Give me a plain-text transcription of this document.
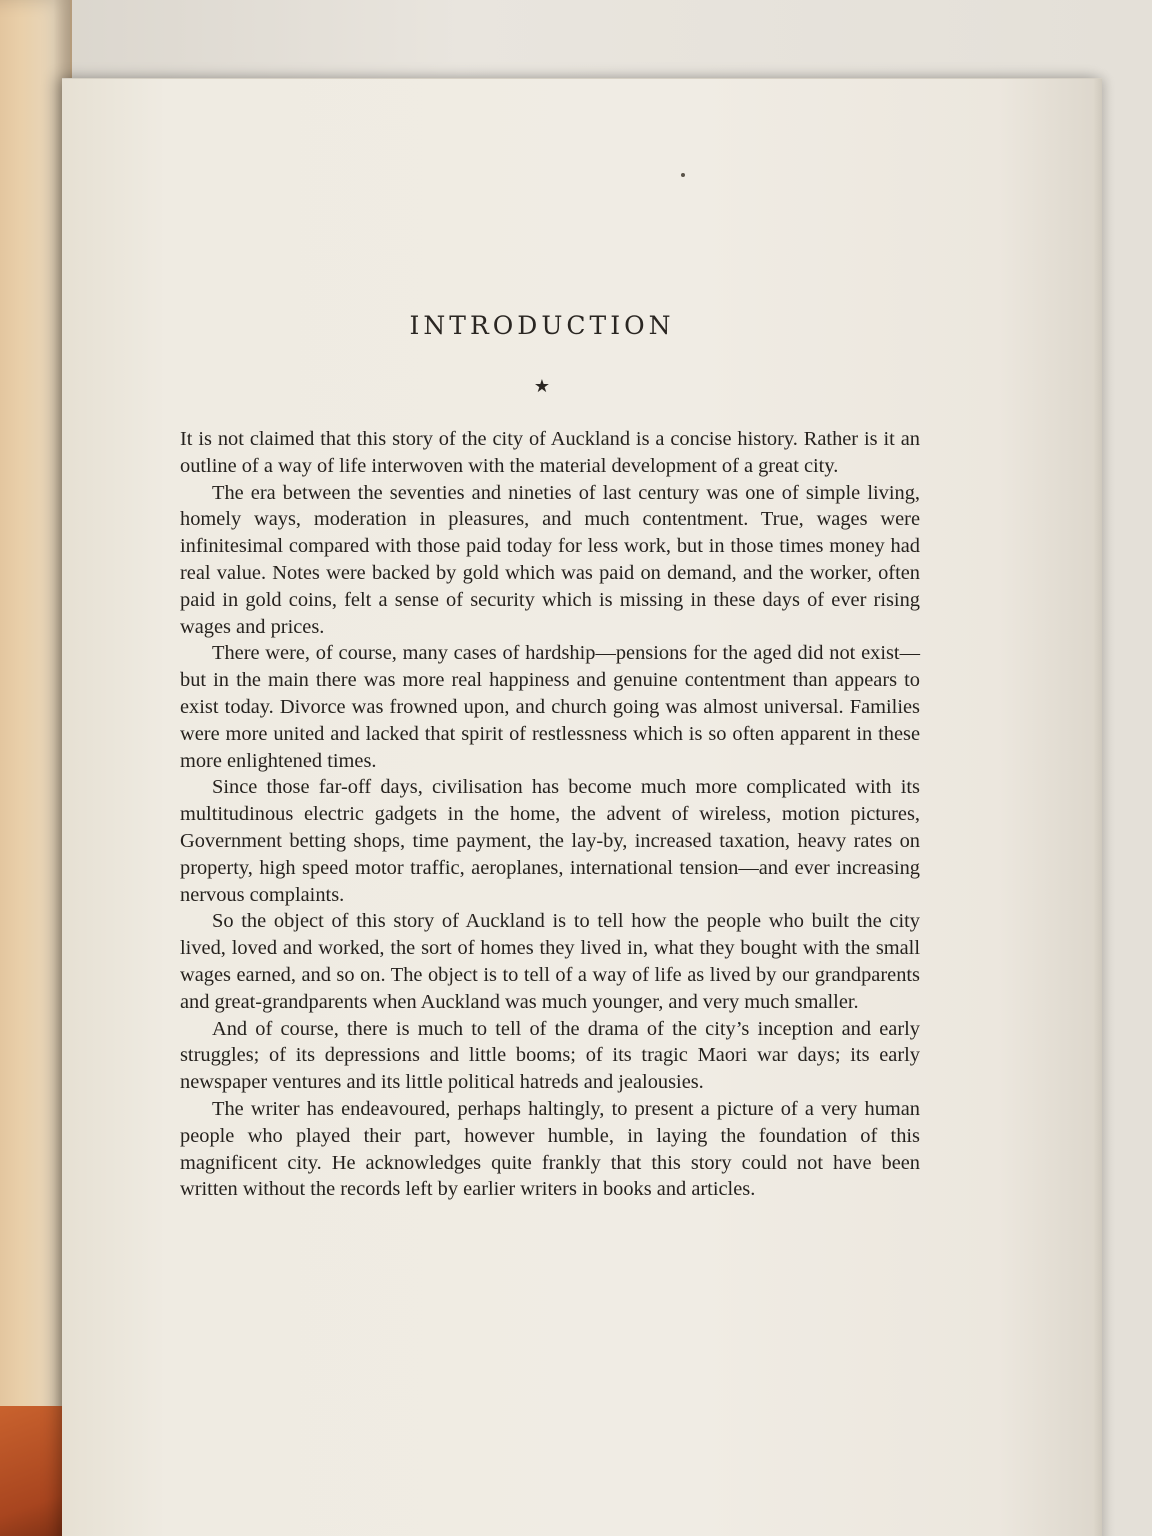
INTRODUCTION
★

It is not claimed that this story of the city of Auckland is a concise history. Rather is it an outline of a way of life interwoven with the material development of a great city.

The era between the seventies and nineties of last century was one of simple living, homely ways, moderation in pleasures, and much contentment. True, wages were infinitesimal compared with those paid today for less work, but in those times money had real value. Notes were backed by gold which was paid on demand, and the worker, often paid in gold coins, felt a sense of security which is missing in these days of ever rising wages and prices.

There were, of course, many cases of hardship—pensions for the aged did not exist—but in the main there was more real happiness and genuine contentment than appears to exist today. Divorce was frowned upon, and church going was almost universal. Families were more united and lacked that spirit of restlessness which is so often apparent in these more enlightened times.

Since those far-off days, civilisation has become much more complicated with its multitudinous electric gadgets in the home, the advent of wireless, motion pictures, Government betting shops, time payment, the lay-by, increased taxation, heavy rates on property, high speed motor traffic, aeroplanes, international tension—and ever increasing nervous complaints.

So the object of this story of Auckland is to tell how the people who built the city lived, loved and worked, the sort of homes they lived in, what they bought with the small wages earned, and so on. The object is to tell of a way of life as lived by our grandparents and great-grandparents when Auckland was much younger, and very much smaller.

And of course, there is much to tell of the drama of the city’s inception and early struggles; of its depressions and little booms; of its tragic Maori war days; its early newspaper ventures and its little political hatreds and jealousies.

The writer has endeavoured, perhaps haltingly, to present a picture of a very human people who played their part, however humble, in laying the foundation of this magnificent city. He acknowledges quite frankly that this story could not have been written without the records left by earlier writers in books and articles.
